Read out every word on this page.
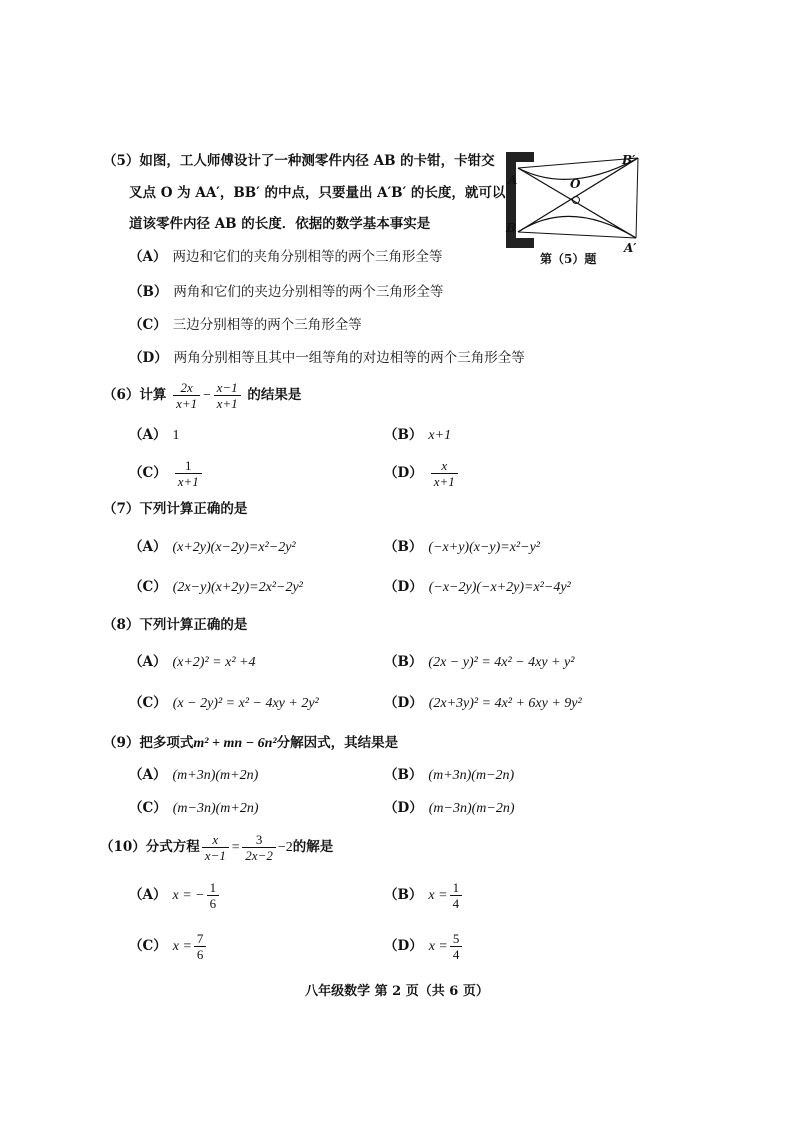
（5）如图，工人师傅设计了一种测零件内径 AB 的卡钳，卡钳交
叉点 O 为 AA′，BB′ 的中点，只要量出 A′B′ 的长度，就可以
道该零件内径 AB 的长度．依据的数学基本事实是
A
B
O
B′
A′
第（5）题
（A） 两边和它们的夹角分别相等的两个三角形全等
（B） 两角和它们的夹边分别相等的两个三角形全等
（C） 三边分别相等的两个三角形全等
（D） 两角分别相等且其中一组等角的对边相等的两个三角形全等
（6）计算 $\frac{2x}{x+1} - \frac{x-1}{x+1}$ 的结果是
（A） 1	（B） x+1
$(C) \frac{1}{x+1}$	$(D) \frac{x}{x+1}$
（7）下列计算正确的是
（A） (x+2y)(x−2y)=x²−2y²	（B） (−x+y)(x−y)=x²−y²
（C） (2x−y)(x+2y)=2x²−2y²	（D） (−x−2y)(−x+2y)=x²−4y²
（8）下列计算正确的是
（A） (x+2)² = x² +4	（B） (2x − y)² = 4x² − 4xy + y²
（C） (x − 2y)² = x² − 4xy + 2y²	（D） (2x+3y)² = 4x² + 6xy + 9y²
（9）把多项式m² + mn − 6n²分解因式，其结果是
（A） (m+3n)(m+2n)	（B） (m+3n)(m−2n)
（C） (m−3n)(m+2n)	（D） (m−3n)(m−2n)
（10）分式方程 $\frac{x}{x-1} = \frac{3}{2x-2} -2$的解是
（A） x = − $\frac{1}{6}$	（B） $x = \frac{1}{4}$
（C） $x = \frac{7}{6}$	（D） $x = \frac{5}{4}$
八年级数学 第 2 页（共 6 页）
